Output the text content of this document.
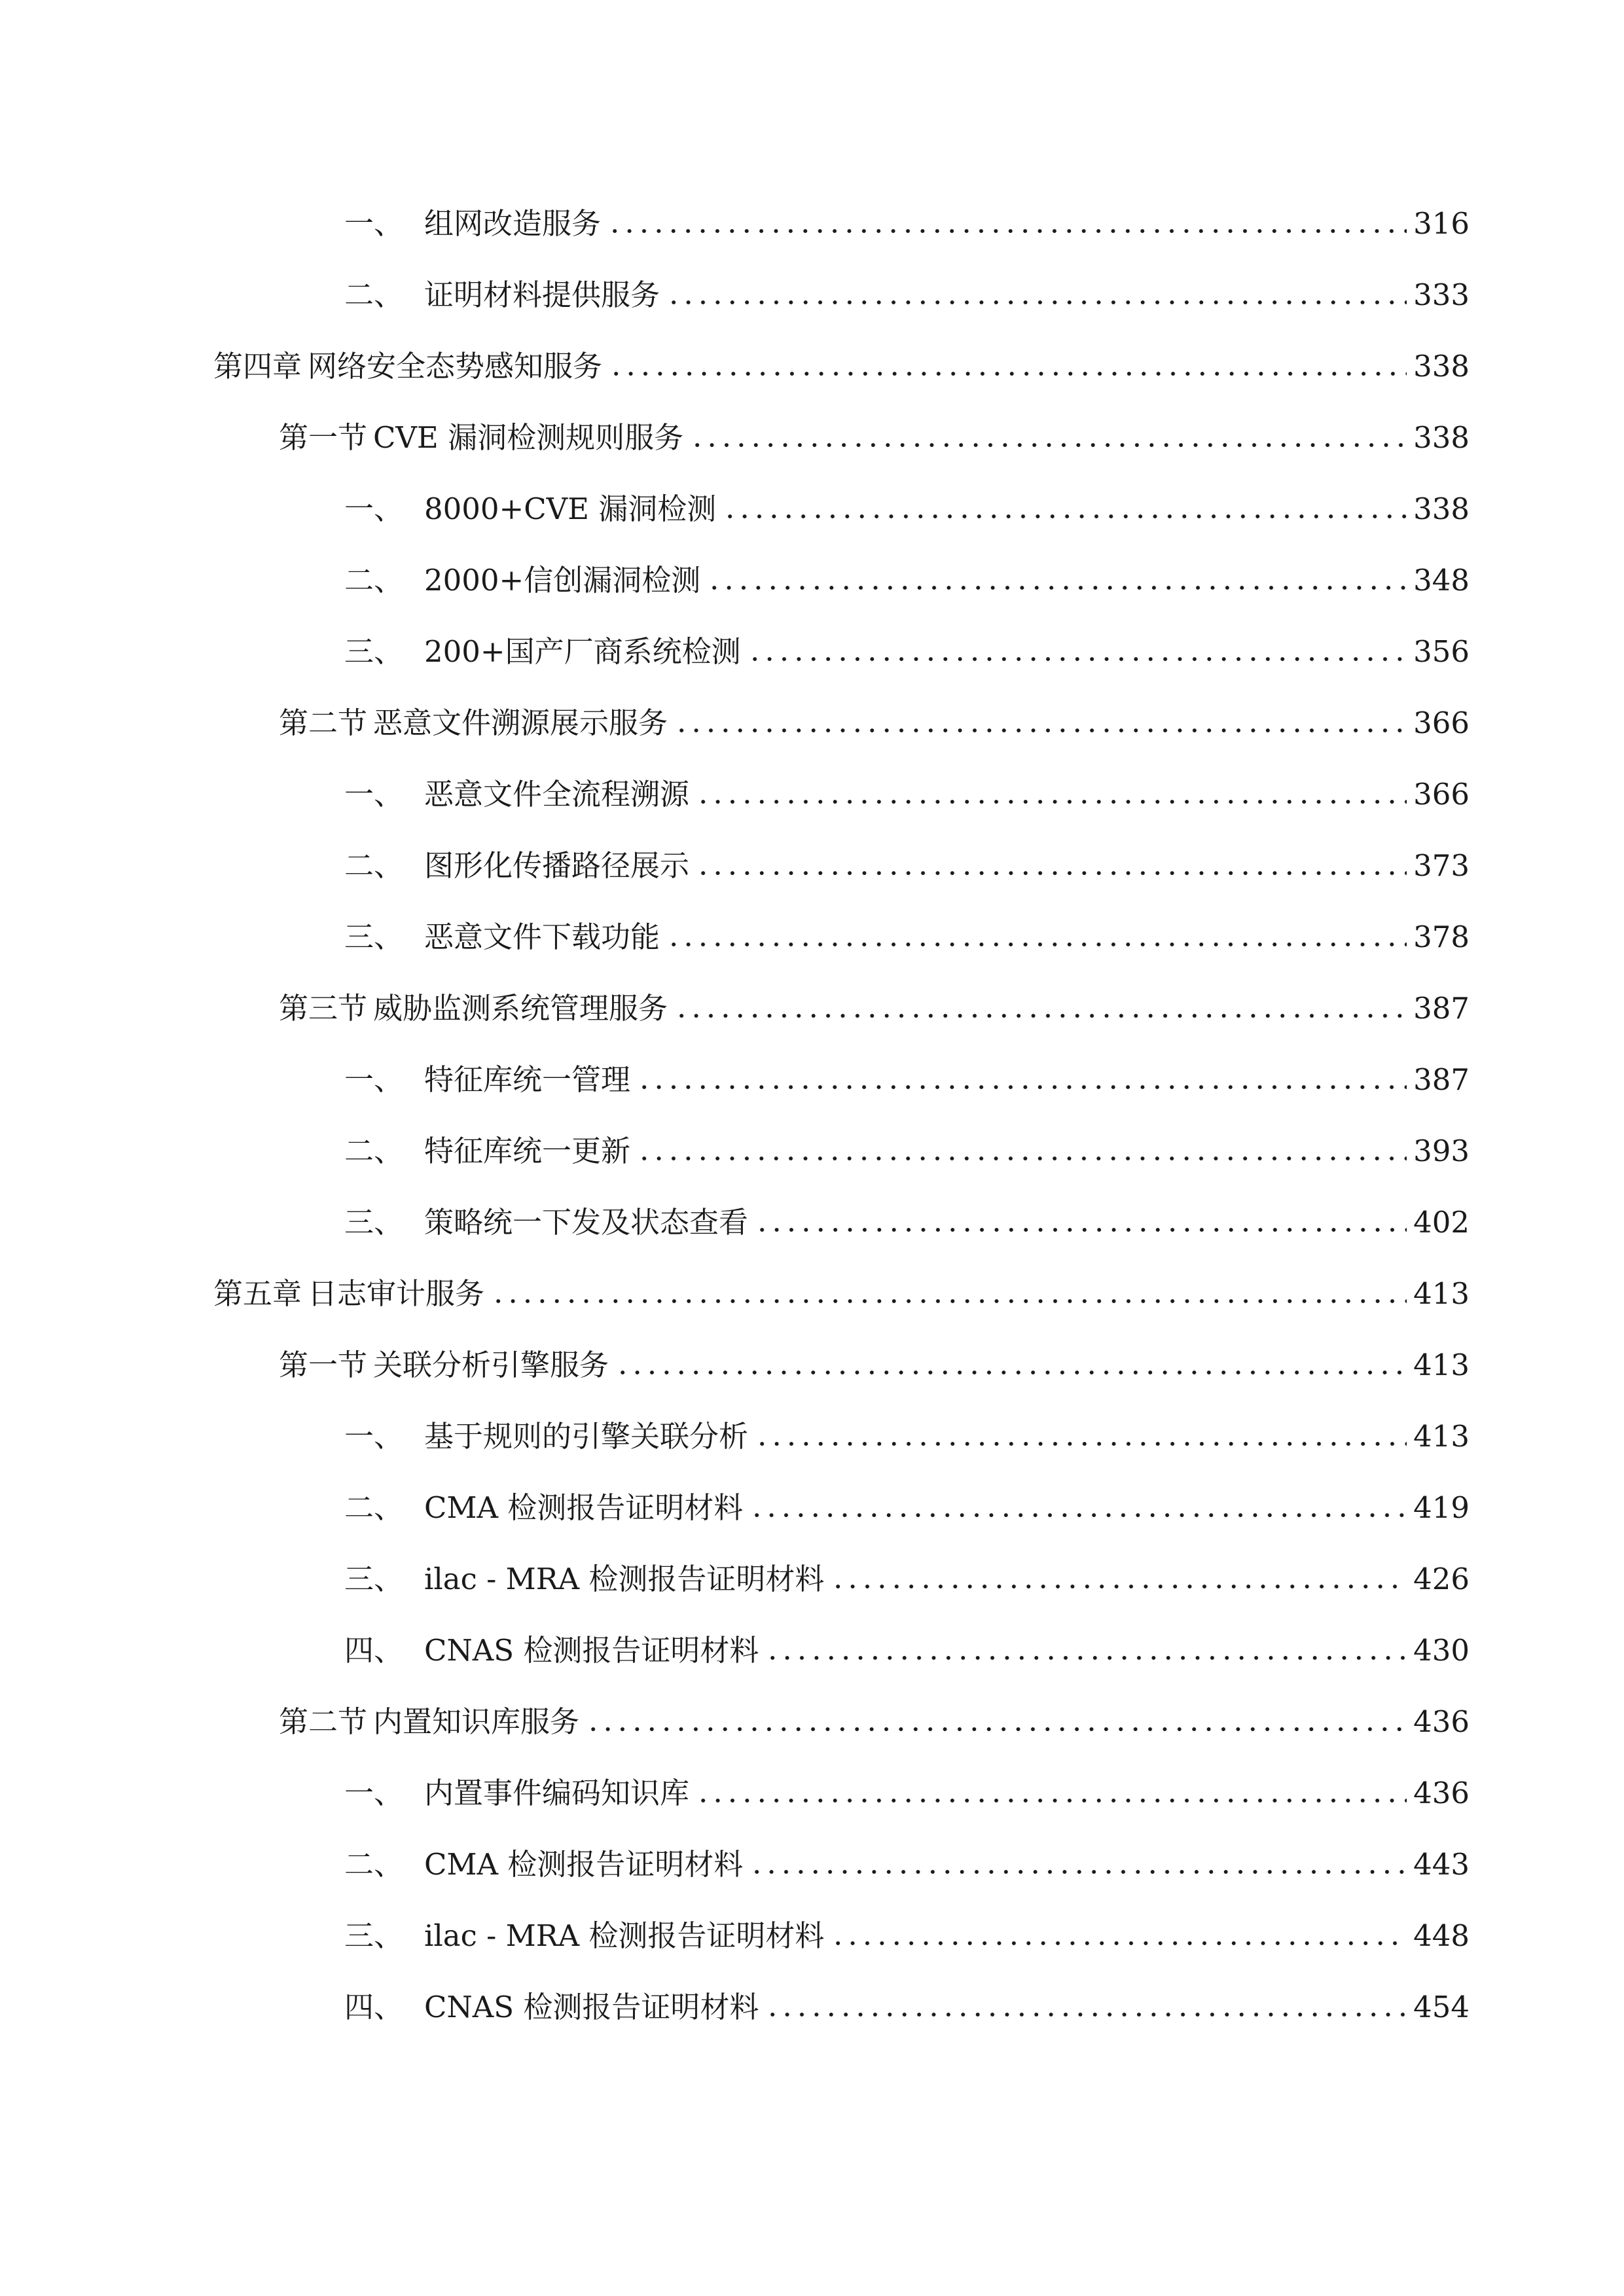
一、 组网改造服务	316
二、 证明材料提供服务	333
第四章 网络安全态势感知服务	338
第一节 CVE 漏洞检测规则服务	338
一、 8000+CVE 漏洞检测	338
二、 2000+信创漏洞检测	348
三、 200+国产厂商系统检测	356
第二节 恶意文件溯源展示服务	366
一、 恶意文件全流程溯源	366
二、 图形化传播路径展示	373
三、 恶意文件下载功能	378
第三节 威胁监测系统管理服务	387
一、 特征库统一管理	387
二、 特征库统一更新	393
三、 策略统一下发及状态查看	402
第五章 日志审计服务	413
第一节 关联分析引擎服务	413
一、 基于规则的引擎关联分析	413
二、 CMA 检测报告证明材料	419
三、 ilac - MRA 检测报告证明材料	426
四、 CNAS 检测报告证明材料	430
第二节 内置知识库服务	436
一、 内置事件编码知识库	436
二、 CMA 检测报告证明材料	443
三、 ilac - MRA 检测报告证明材料	448
四、 CNAS 检测报告证明材料	454
